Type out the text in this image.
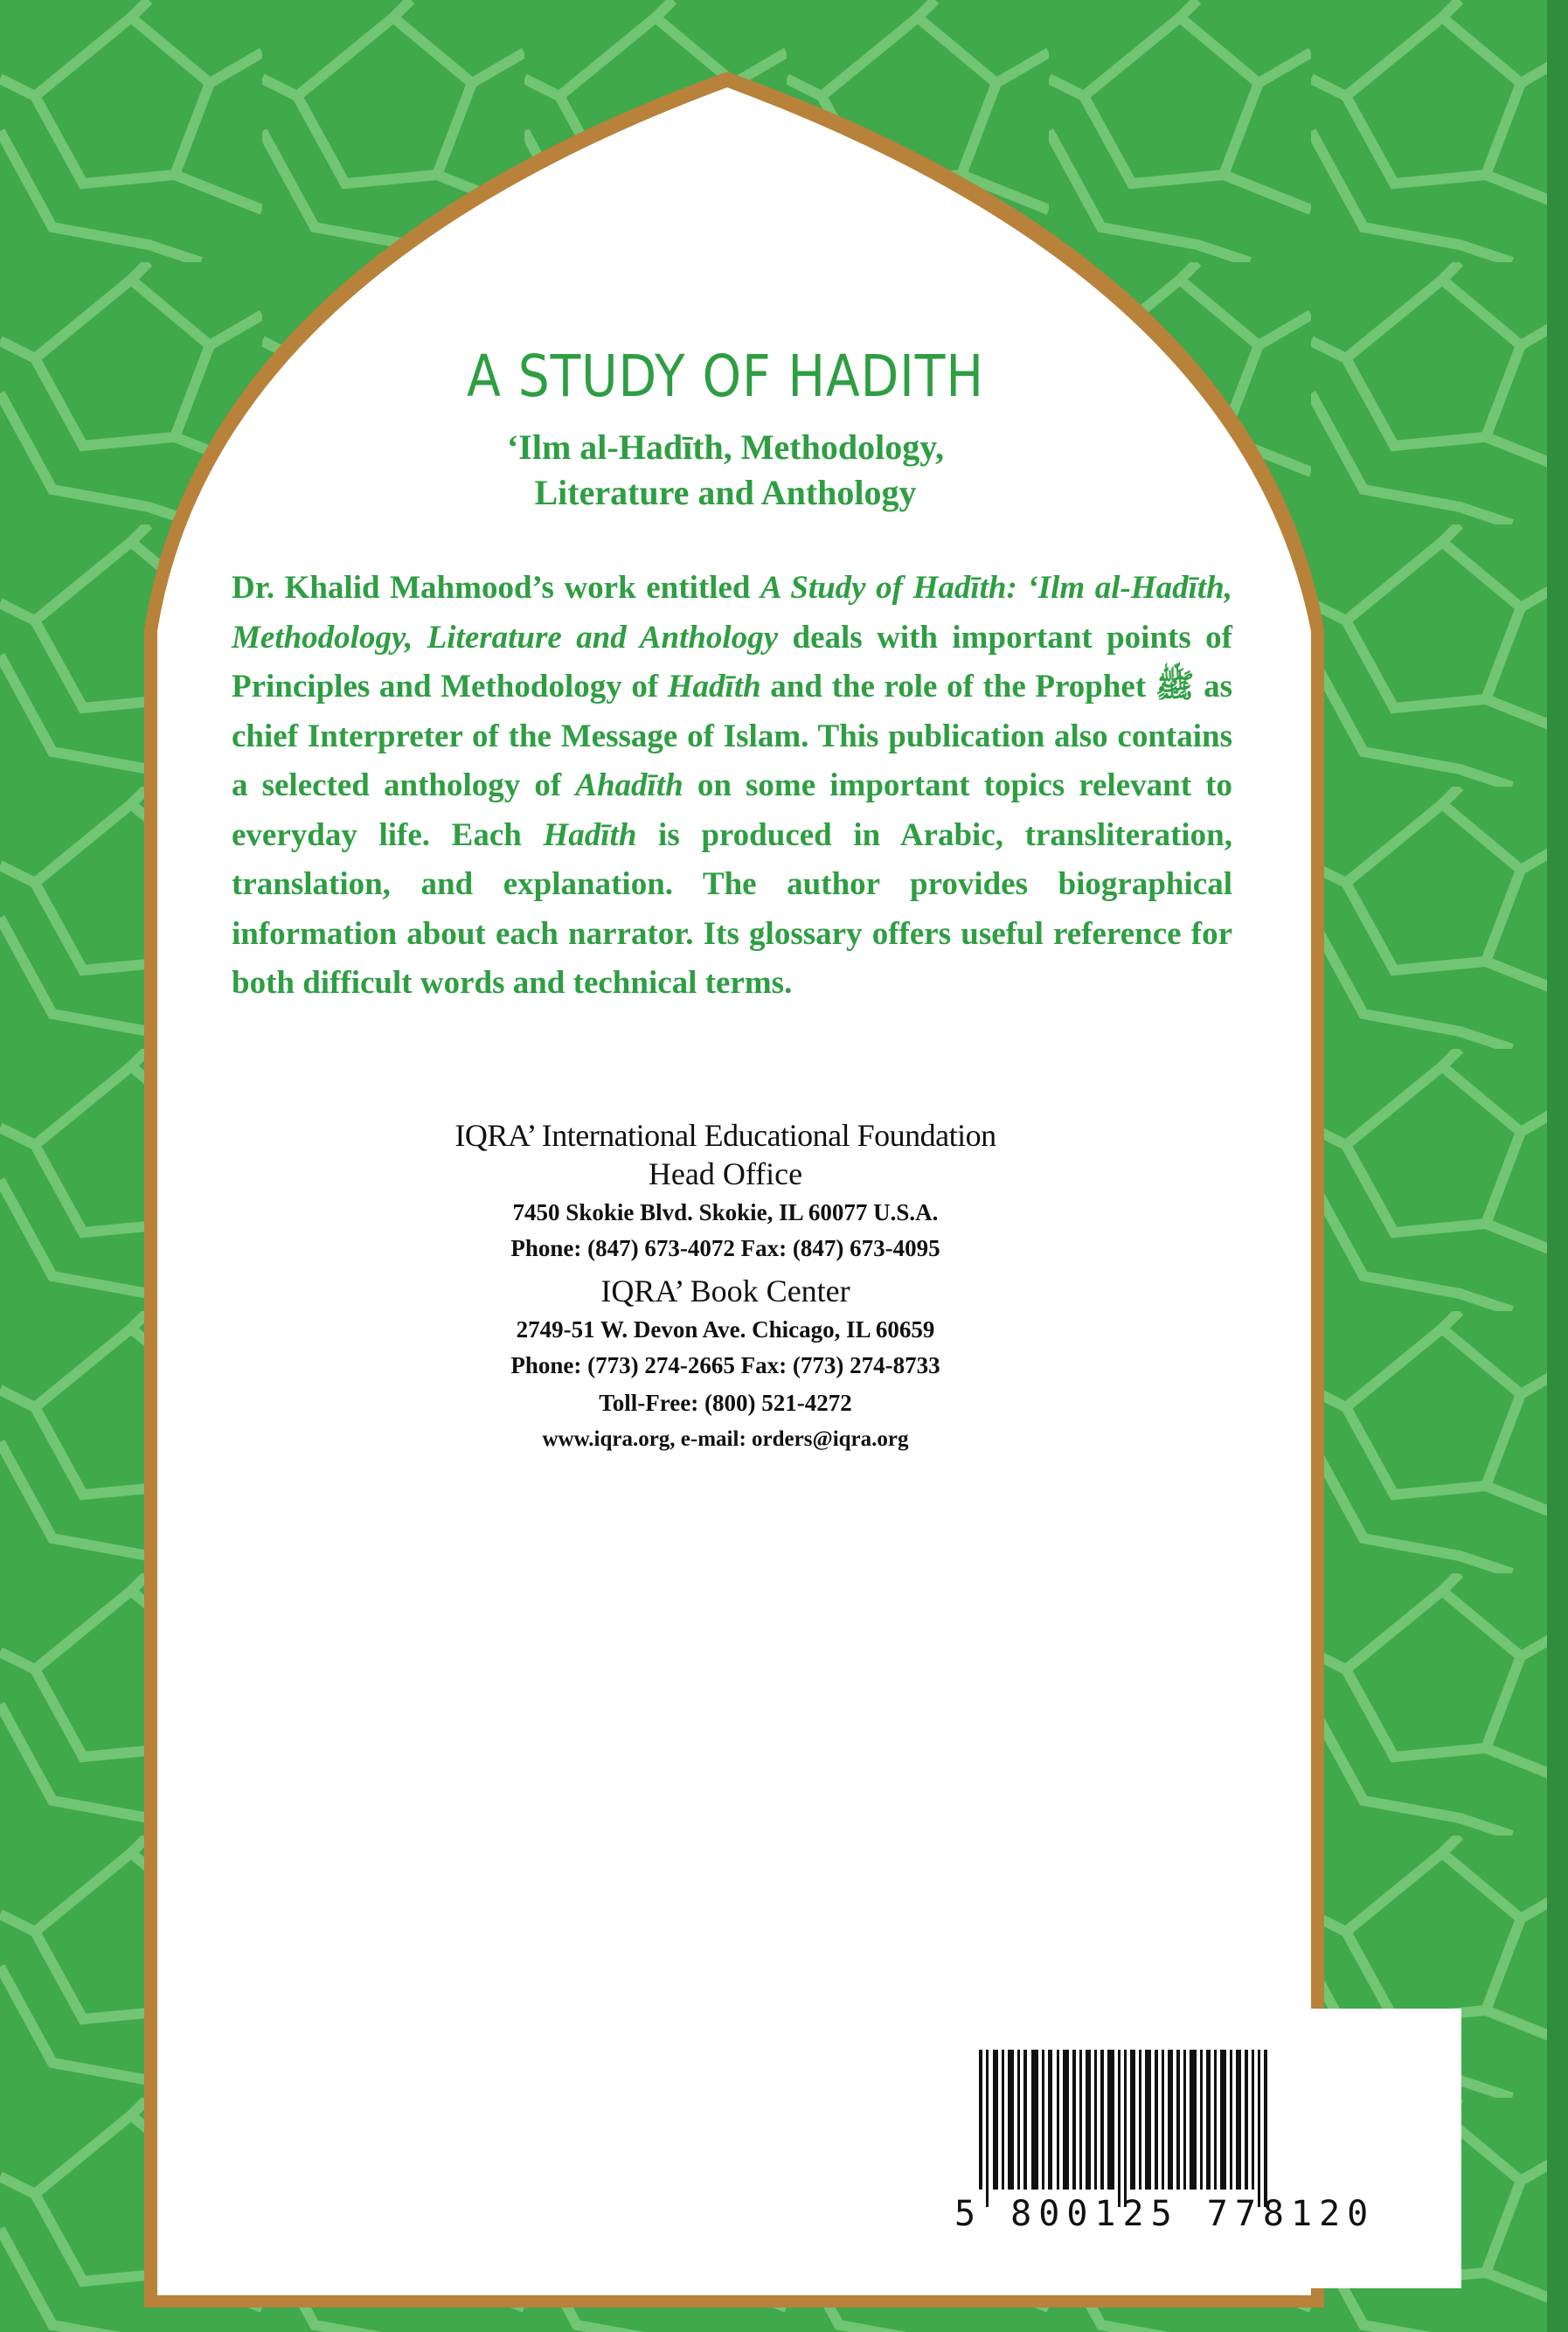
A STUDY OF HADITH
‘Ilm al-Hadīth, Methodology,
Literature and Anthology
Dr. Khalid Mahmood’s work entitled A Study of Hadīth: ‘Ilm al-Hadīth, Methodology, Literature and Anthology deals with important points of Principles and Methodology of Hadīth and the role of the Prophet ﷺ as chief Interpreter of the Message of Islam. This publication also contains a selected anthology of Ahadīth on some important topics relevant to everyday life. Each Hadīth is produced in Arabic, transliteration, translation, and explanation. The author provides biographical information about each narrator. Its glossary offers useful reference for both difficult words and technical terms.
IQRA’ International Educational Foundation
Head Office
7450 Skokie Blvd. Skokie, IL 60077 U.S.A.
Phone: (847) 673-4072 Fax: (847) 673-4095
IQRA’ Book Center
2749-51 W. Devon Ave. Chicago, IL 60659
Phone: (773) 274-2665 Fax: (773) 274-8733
Toll-Free: (800) 521-4272
www.iqra.org, e-mail: orders@iqra.org
5 800125 778120
